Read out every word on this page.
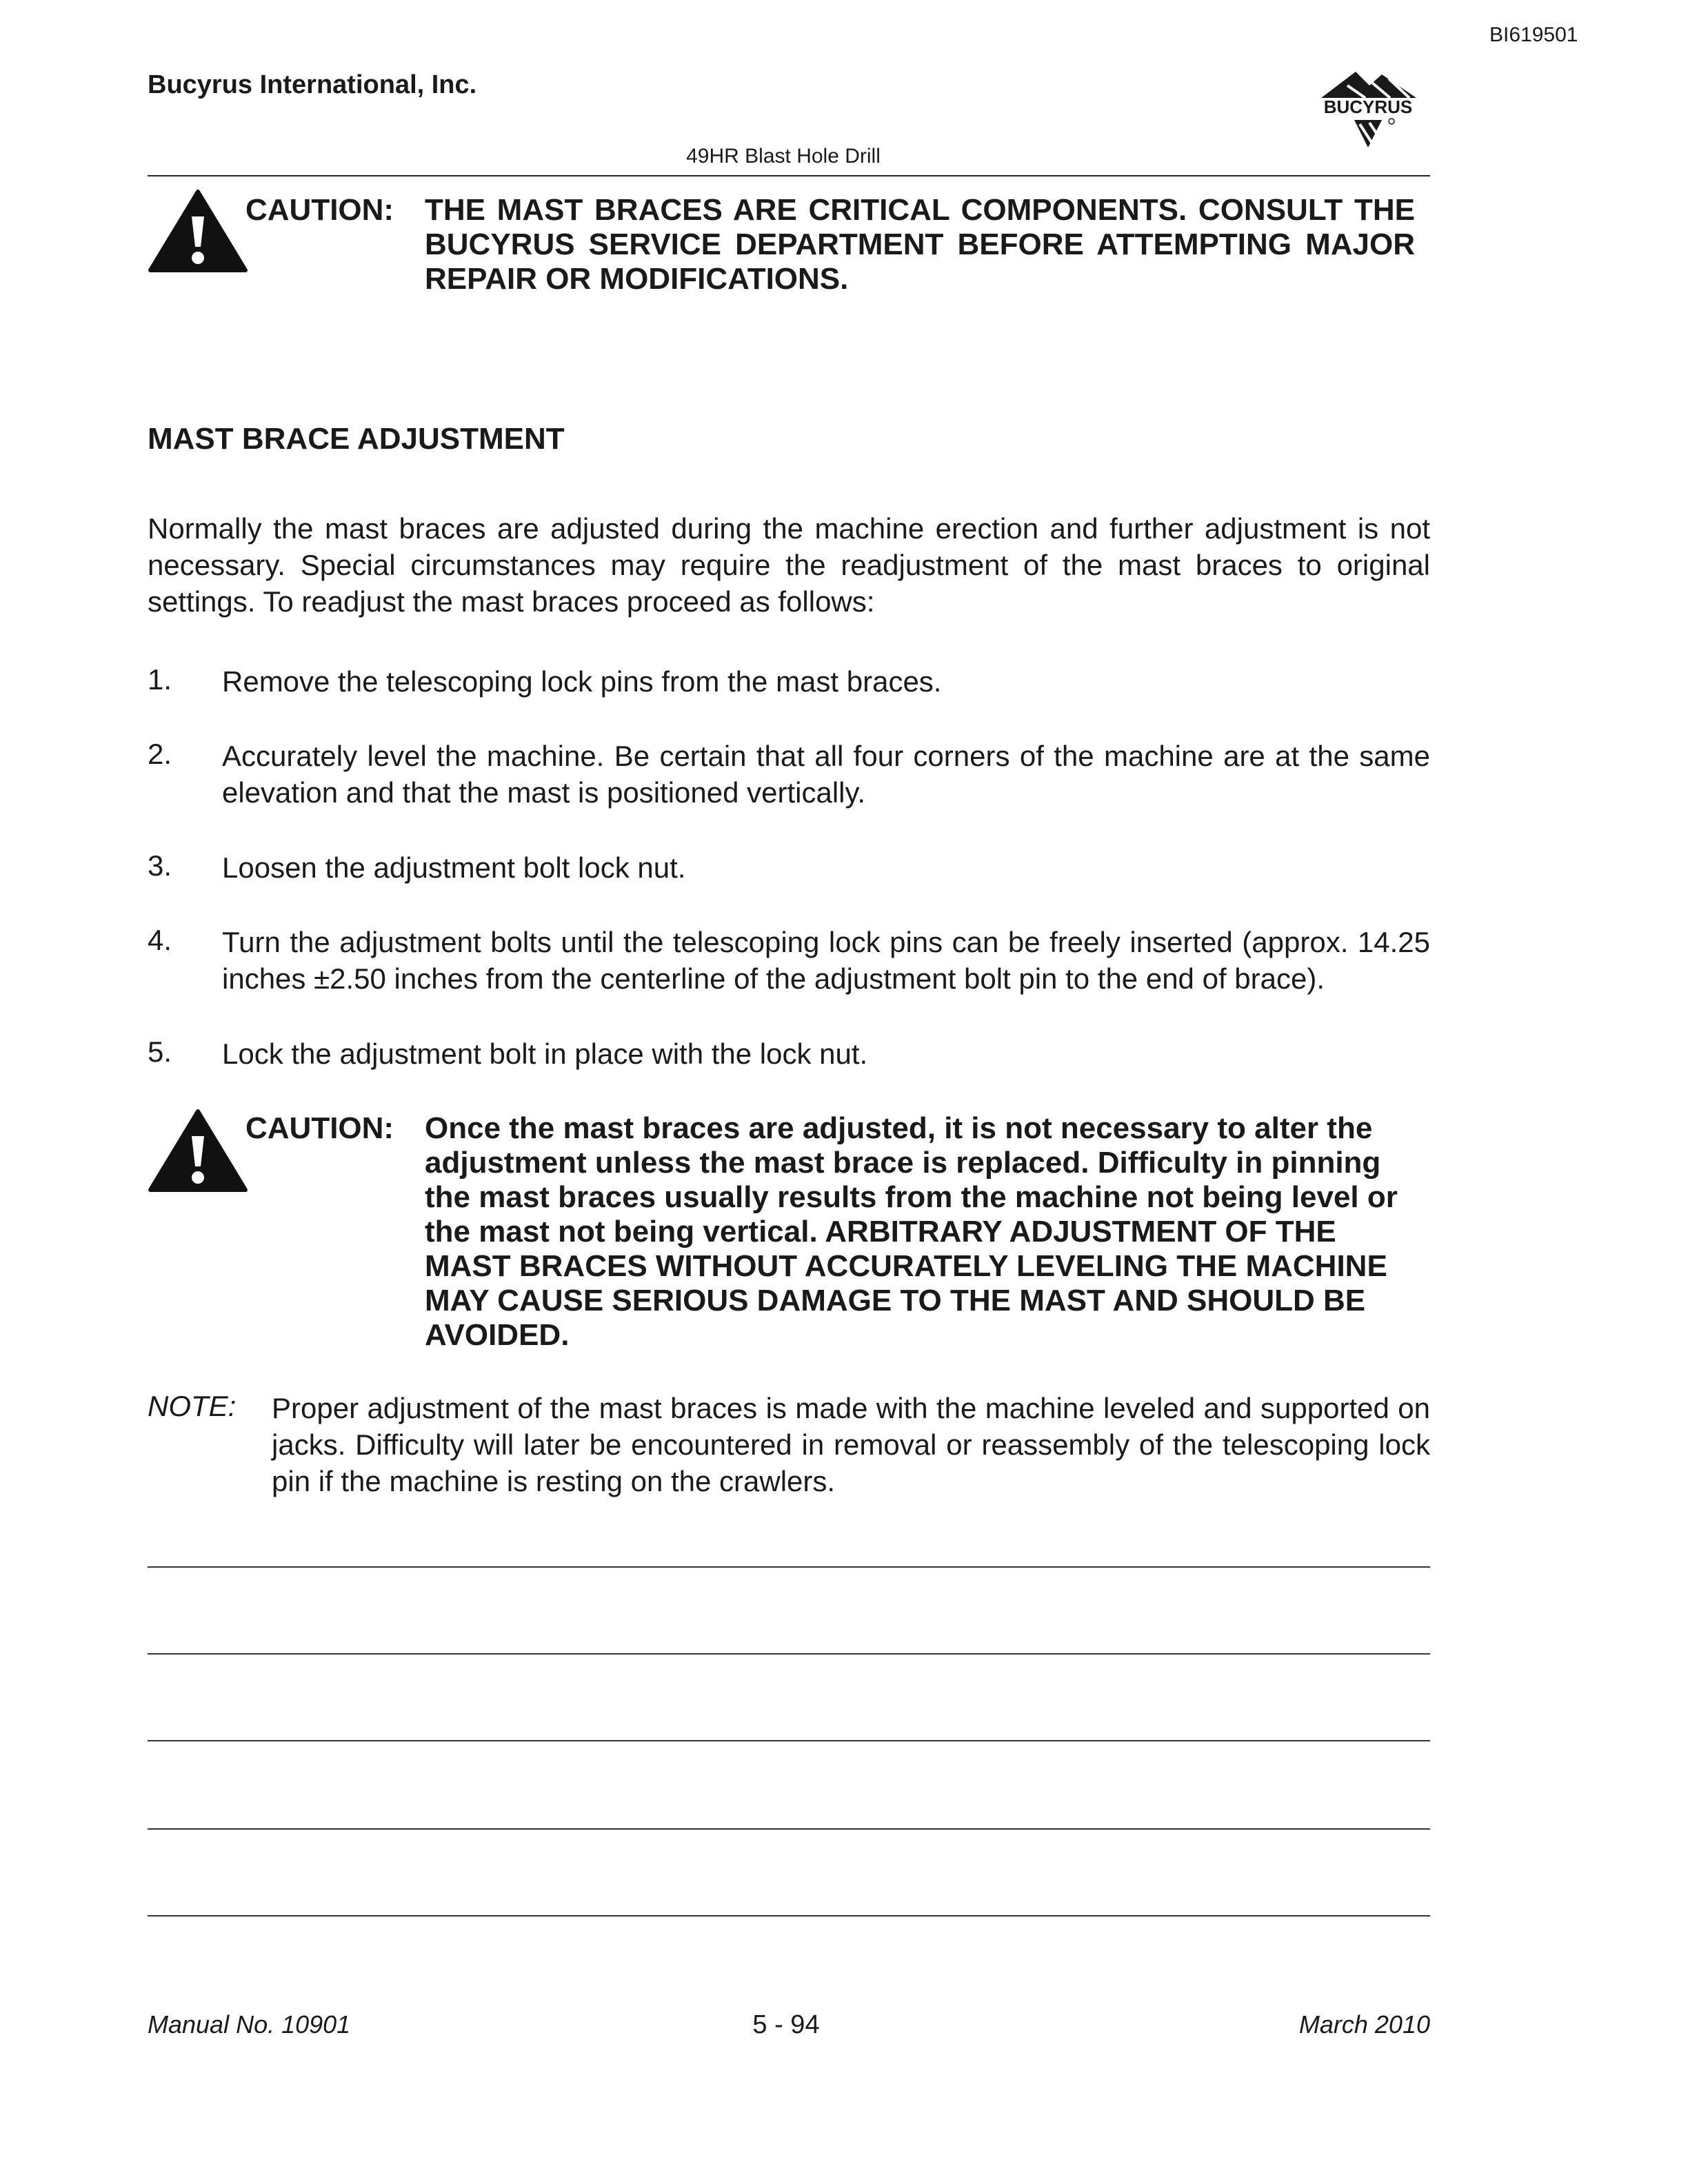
BI619501
Bucyrus International, Inc.
BUCYRUS
49HR Blast Hole Drill
CAUTION: THE MAST BRACES ARE CRITICAL COMPONENTS. CONSULT THE BUCYRUS SERVICE DEPARTMENT BEFORE ATTEMPTING MAJOR REPAIR OR MODIFICATIONS.
MAST BRACE ADJUSTMENT
Normally the mast braces are adjusted during the machine erection and further adjustment is not necessary. Special circumstances may require the readjustment of the mast braces to original settings. To readjust the mast braces proceed as follows:
1. Remove the telescoping lock pins from the mast braces.
2. Accurately level the machine. Be certain that all four corners of the machine are at the same elevation and that the mast is positioned vertically.
3. Loosen the adjustment bolt lock nut.
4. Turn the adjustment bolts until the telescoping lock pins can be freely inserted (approx. 14.25 inches ±2.50 inches from the centerline of the adjustment bolt pin to the end of brace).
5. Lock the adjustment bolt in place with the lock nut.
CAUTION: Once the mast braces are adjusted, it is not necessary to alter the adjustment unless the mast brace is replaced. Difficulty in pinning the mast braces usually results from the machine not being level or the mast not being vertical. ARBITRARY ADJUSTMENT OF THE MAST BRACES WITHOUT ACCURATELY LEVELING THE MACHINE MAY CAUSE SERIOUS DAMAGE TO THE MAST AND SHOULD BE AVOIDED.
NOTE: Proper adjustment of the mast braces is made with the machine leveled and supported on jacks. Difficulty will later be encountered in removal or reassembly of the telescoping lock pin if the machine is resting on the crawlers.
Manual No. 10901	5 - 94	March 2010
